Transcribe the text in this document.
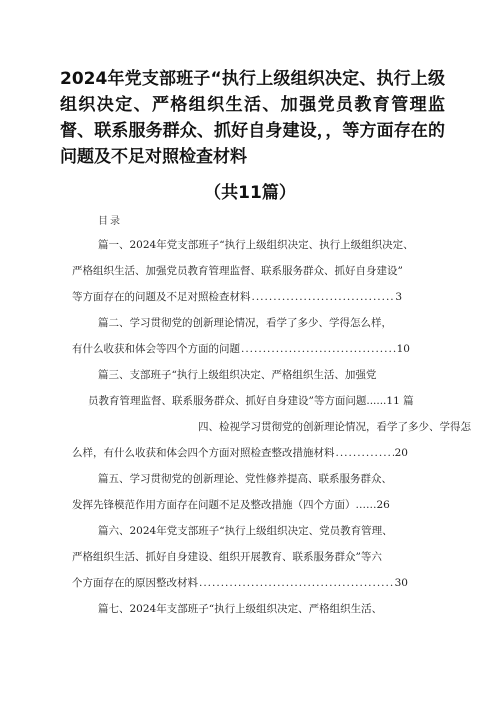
2024年党支部班子“执行上级组织决定、执行上级组织决定、严格组织生活、加强党员教育管理监督、联系服务群众、抓好自身建设，，等方面存在的问题及不足对照检查材料
（共11篇）
目录
篇一、2024年党支部班子“执行上级组织决定、执行上级组织决定、
严格组织生活、加强党员教育管理监督、联系服务群众、抓好自身建设”
等方面存在的问题及不足对照检查材料 .....	3
篇二、学习贯彻党的创新理论情况，看学了多少、学得怎么样，
有什么收获和体会等四个方面的问题 .....	10
篇三、支部班子“执行上级组织决定、严格组织生活、加强党
员教育管理监督、联系服务群众、抓好自身建设”等方面问题......11 篇
四、检视学习贯彻党的创新理论情况，看学了多少、学得怎
么样，有什么收获和体会四个方面对照检查整改措施材料 .....	20
篇五、学习贯彻党的创新理论、党性修养提高、联系服务群众、
发挥先锋模范作用方面存在问题不足及整改措施（四个方面）……26
篇六、2024年党支部班子“执行上级组织决定、党员教育管理、
严格组织生活、抓好自身建设、组织开展教育、联系服务群众”等六
个方面存在的原因整改材料 .....	30
篇七、2024年支部班子“执行上级组织决定、严格组织生活、
